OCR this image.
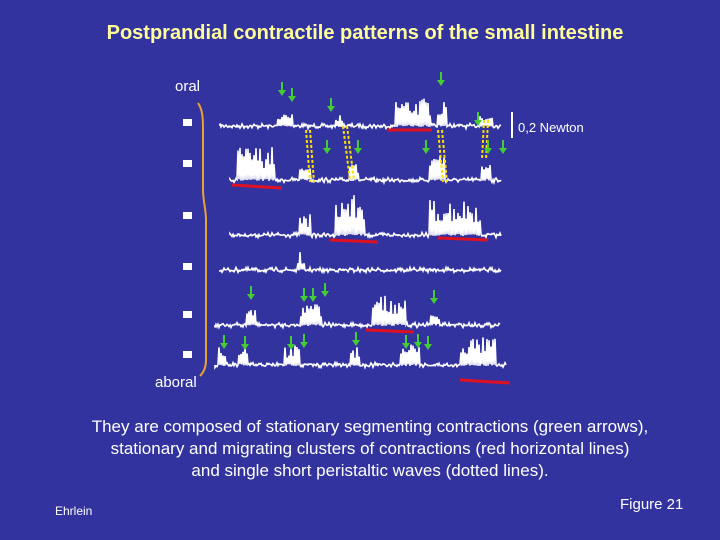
Postprandial contractile patterns of the small intestine
oral
aboral
0,2 Newton
They are composed of stationary segmenting contractions (green arrows),
stationary and migrating clusters of contractions (red horizontal lines)
and single short peristaltic waves (dotted lines).
Ehrlein	Figure 21
